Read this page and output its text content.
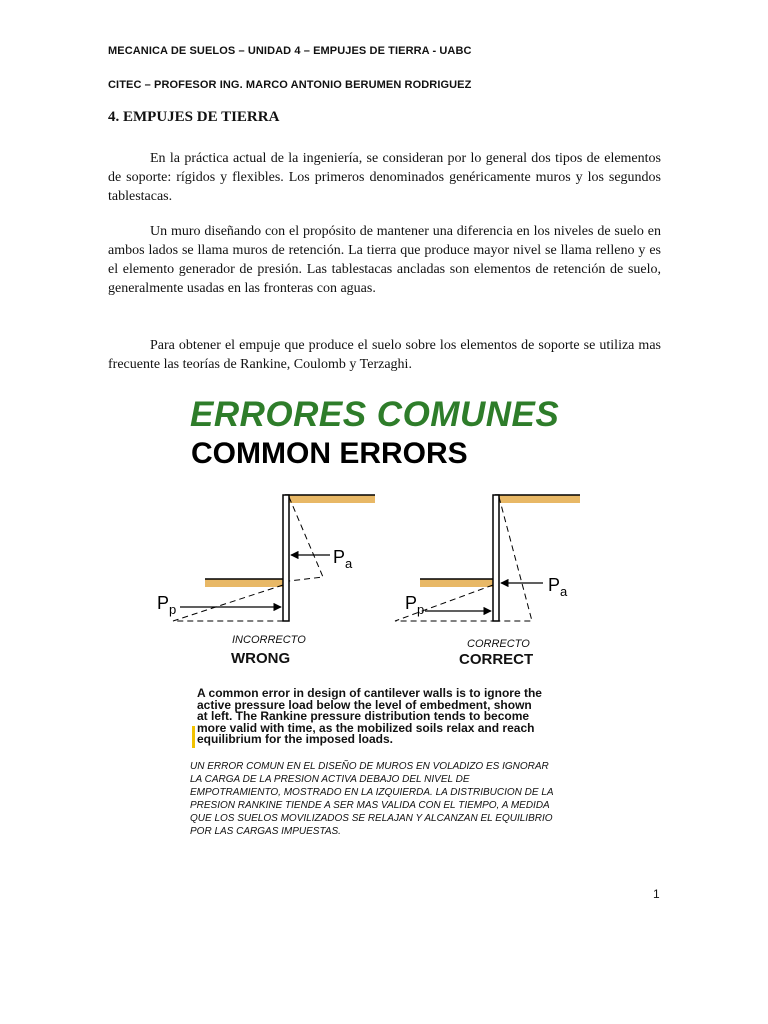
MECANICA DE SUELOS – UNIDAD 4 – EMPUJES DE TIERRA - UABC
CITEC – PROFESOR ING. MARCO ANTONIO BERUMEN RODRIGUEZ
4. EMPUJES DE TIERRA

En la práctica actual de la ingeniería, se consideran por lo general dos tipos de elementos de soporte: rígidos y flexibles. Los primeros denominados genéricamente muros y los segundos tablestacas.

Un muro diseñando con el propósito de mantener una diferencia en los niveles de suelo en ambos lados se llama muros de retención. La tierra que produce mayor nivel se llama relleno y es el elemento generador de presión. Las tablestacas ancladas son elementos de retención de suelo, generalmente usadas en las fronteras con aguas.

Para obtener el empuje que produce el suelo sobre los elementos de soporte se utiliza mas frecuente las teorías de Rankine, Coulomb y Terzaghi.

ERRORES COMUNES
COMMON ERRORS
$P_a$
$P_p$
$P_a$
$P_p$
INCORRECTO
WRONG
CORRECTO
CORRECT
A common error in design of cantilever walls is to ignore the active pressure load below the level of embedment, shown at left. The Rankine pressure distribution tends to become more valid with time, as the mobilized soils relax and reach equilibrium for the imposed loads.
UN ERROR COMUN EN EL DISEÑO DE MUROS EN VOLADIZO ES IGNORAR LA CARGA DE LA PRESION ACTIVA DEBAJO DEL NIVEL DE EMPOTRAMIENTO, MOSTRADO EN LA IZQUIERDA. LA DISTRIBUCION DE LA PRESION RANKINE TIENDE A SER MAS VALIDA CON EL TIEMPO, A MEDIDA QUE LOS SUELOS MOVILIZADOS SE RELAJAN Y ALCANZAN EL EQUILIBRIO POR LAS CARGAS IMPUESTAS.
1
